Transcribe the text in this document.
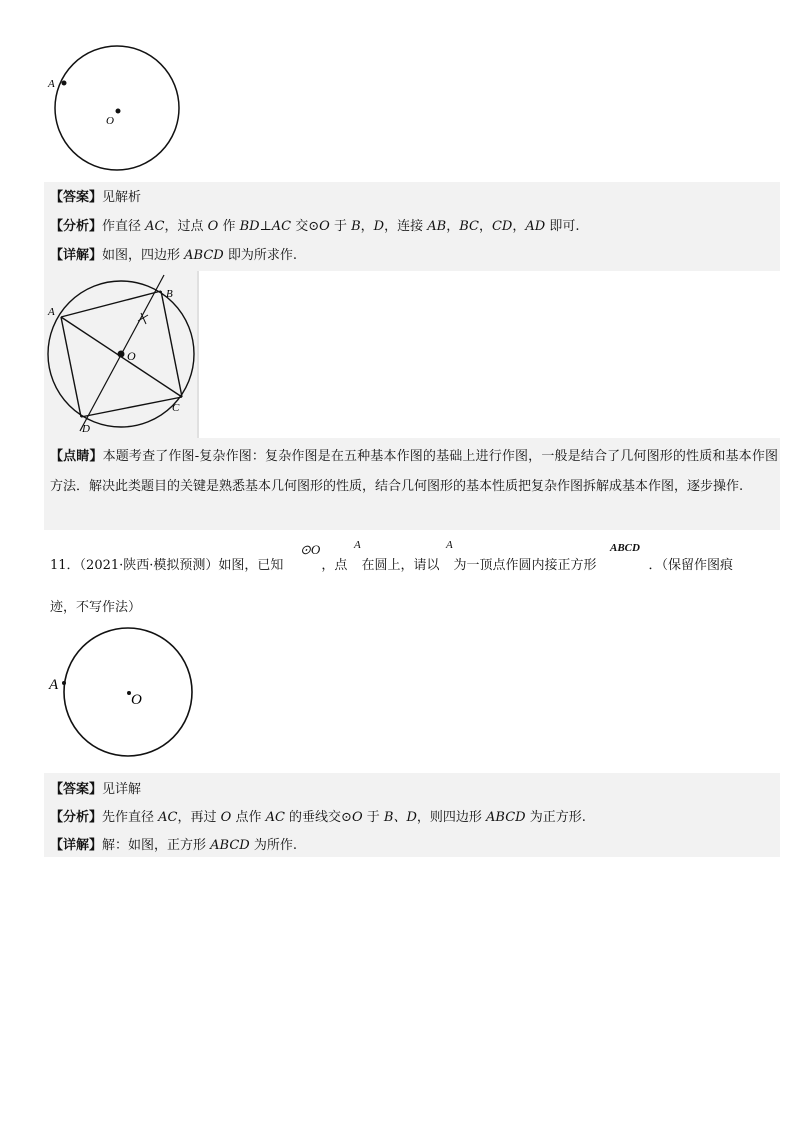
A
O
【答案】见解析
【分析】作直径 AC，过点 O 作 BD⊥AC 交⊙O 于 B，D，连接 AB，BC，CD，AD 即可.
【详解】如图，四边形 ABCD 即为所求作.
A
B
C
D
O
【点睛】本题考查了作图-复杂作图：复杂作图是在五种基本作图的基础上进行作图，一般是结合了几何图形的性质和基本作图方法．解决此类题目的关键是熟悉基本几何图形的性质，结合几何图形的基本性质把复杂作图拆解成基本作图，逐步操作.
11．（2021·陕西·模拟预测）如图，已知	，点 在圆上，请以 为一顶点作圆内接正方形	．（保留作图痕
⊙O	A	A	ABCD
迹，不写作法）
A
O
【答案】见详解
【分析】先作直径 AC，再过 O 点作 AC 的垂线交⊙O 于 B、D，则四边形 ABCD 为正方形.
【详解】解：如图，正方形 ABCD 为所作.
